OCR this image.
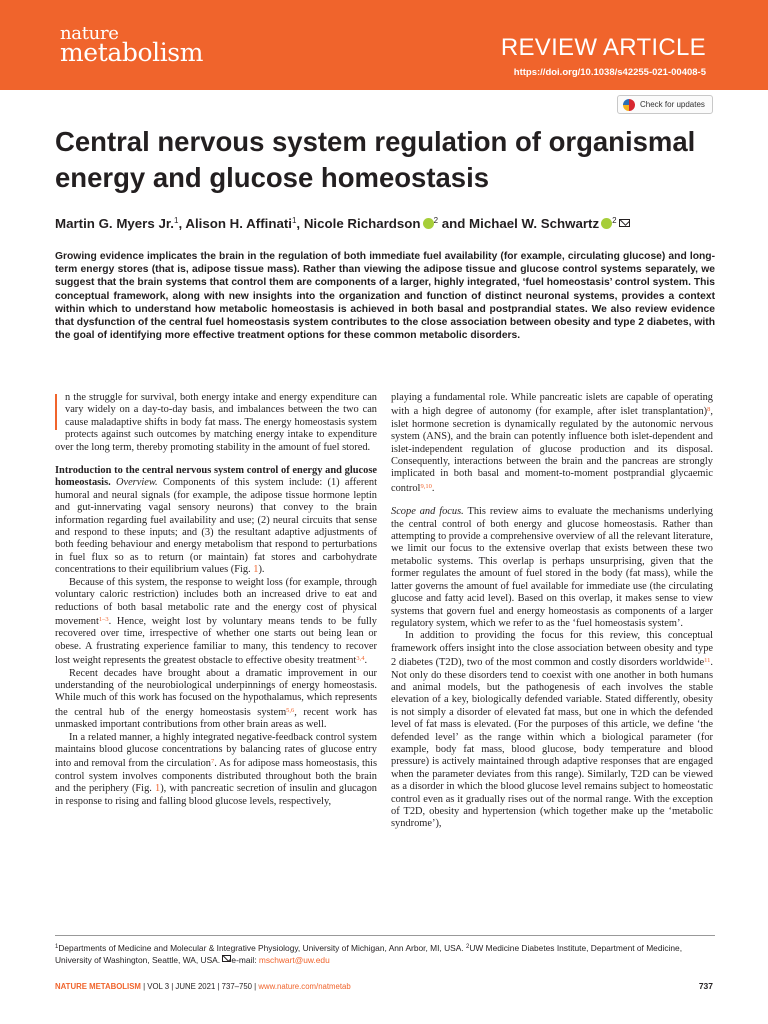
nature
metabolism	REVIEW ARTICLE
https://doi.org/10.1038/s42255-021-00408-5
Check for updates
Central nervous system regulation of organismal energy and glucose homeostasis
Martin G. Myers Jr.$^1$, Alison H. Affinati$^1$, Nicole Richardson $^2$ and Michael W. Schwartz $^2$

Growing evidence implicates the brain in the regulation of both immediate fuel availability (for example, circulating glucose) and long-term energy stores (that is, adipose tissue mass). Rather than viewing the adipose tissue and glucose control systems separately, we suggest that the brain systems that control them are components of a larger, highly integrated, ‘fuel homeostasis’ control system. This conceptual framework, along with new insights into the organization and function of distinct neuronal systems, provides a context within which to understand how metabolic homeostasis is achieved in both basal and postprandial states. We also review evidence that dysfunction of the central fuel homeostasis system contributes to the close association between obesity and type 2 diabetes, with the goal of identifying more effective treatment options for these common metabolic disorders.

n the struggle for survival, both energy intake and energy expenditure can vary widely on a day-to-day basis, and imbalances between the two can cause maladaptive shifts in body fat mass. The energy homeostasis system protects against such outcomes by matching energy intake to expenditure over the long term, thereby promoting stability in the amount of fuel stored.

Introduction to the central nervous system control of energy and glucose homeostasis. Overview. Components of this system include: (1) afferent humoral and neural signals (for example, the adipose tissue hormone leptin and gut-innervating vagal sensory neurons) that convey to the brain information regarding fuel availability and use; (2) neural circuits that sense and respond to these inputs; and (3) the resultant adaptive adjustments of both feeding behaviour and energy metabolism that respond to perturbations in fuel flux so as to return (or maintain) fat stores and carbohydrate concentrations to their equilibrium values (Fig. 1).

Because of this system, the response to weight loss (for example, through voluntary caloric restriction) includes both an increased drive to eat and reductions of both basal metabolic rate and the energy cost of physical movement$^{1-3}$. Hence, weight lost by voluntary means tends to be fully recovered over time, irrespective of whether one starts out being lean or obese. A frustrating experience familiar to many, this tendency to recover lost weight represents the greatest obstacle to effective obesity treatment$^{3,4}$.

Recent decades have brought about a dramatic improvement in our understanding of the neurobiological underpinnings of energy homeostasis. While much of this work has focused on the hypothalamus, which represents the central hub of the energy homeostasis system$^{5,6}$, recent work has unmasked important contributions from other brain areas as well.

In a related manner, a highly integrated negative-feedback control system maintains blood glucose concentrations by balancing rates of glucose entry into and removal from the circulation$^7$. As for adipose mass homeostasis, this control system involves components distributed throughout both the brain and the periphery (Fig. 1), with pancreatic secretion of insulin and glucagon in response to rising and falling blood glucose levels, respectively,

playing a fundamental role. While pancreatic islets are capable of operating with a high degree of autonomy (for example, after islet transplantation)$^8$, islet hormone secretion is dynamically regulated by the autonomic nervous system (ANS), and the brain can potently influence both islet-dependent and islet-independent regulation of glucose production and its disposal. Consequently, interactions between the brain and the pancreas are strongly implicated in both basal and moment-to-moment postprandial glycaemic control$^{9,10}$.

Scope and focus. This review aims to evaluate the mechanisms underlying the central control of both energy and glucose homeostasis. Rather than attempting to provide a comprehensive overview of all the relevant literature, we limit our focus to the extensive overlap that exists between these two metabolic systems. This overlap is perhaps unsurprising, given that the former regulates the amount of fuel stored in the body (fat mass), while the latter governs the amount of fuel available for immediate use (the circulating glucose and fatty acid level). Based on this overlap, it makes sense to view systems that govern fuel and energy homeostasis as components of a larger regulatory system, which we refer to as the ‘fuel homeostasis system’.

In addition to providing the focus for this review, this conceptual framework offers insight into the close association between obesity and type 2 diabetes (T2D), two of the most common and costly disorders worldwide$^{11}$. Not only do these disorders tend to coexist with one another in both humans and animal models, but the pathogenesis of each involves the stable elevation of a key, biologically defended variable. Stated differently, obesity is not simply a disorder of elevated fat mass, but one in which the defended level of fat mass is elevated. (For the purposes of this article, we define ‘the defended level’ as the range within which a biological parameter (for example, body fat mass, blood glucose, body temperature and blood pressure) is actively maintained through adaptive responses that are engaged when the parameter deviates from this range). Similarly, T2D can be viewed as a disorder in which the blood glucose level remains subject to homeostatic control even as it gradually rises out of the normal range. With the exception of T2D, obesity and hypertension (which together make up the ‘metabolic syndrome’),

$^1$Departments of Medicine and Molecular & Integrative Physiology, University of Michigan, Ann Arbor, MI, USA. $^2$UW Medicine Diabetes Institute, Department of Medicine, University of Washington, Seattle, WA, USA. e-mail: mschwart@uw.edu
NATURE METABOLISM | VOL 3 | JUNE 2021 | 737–750 | www.nature.com/natmetab	737
